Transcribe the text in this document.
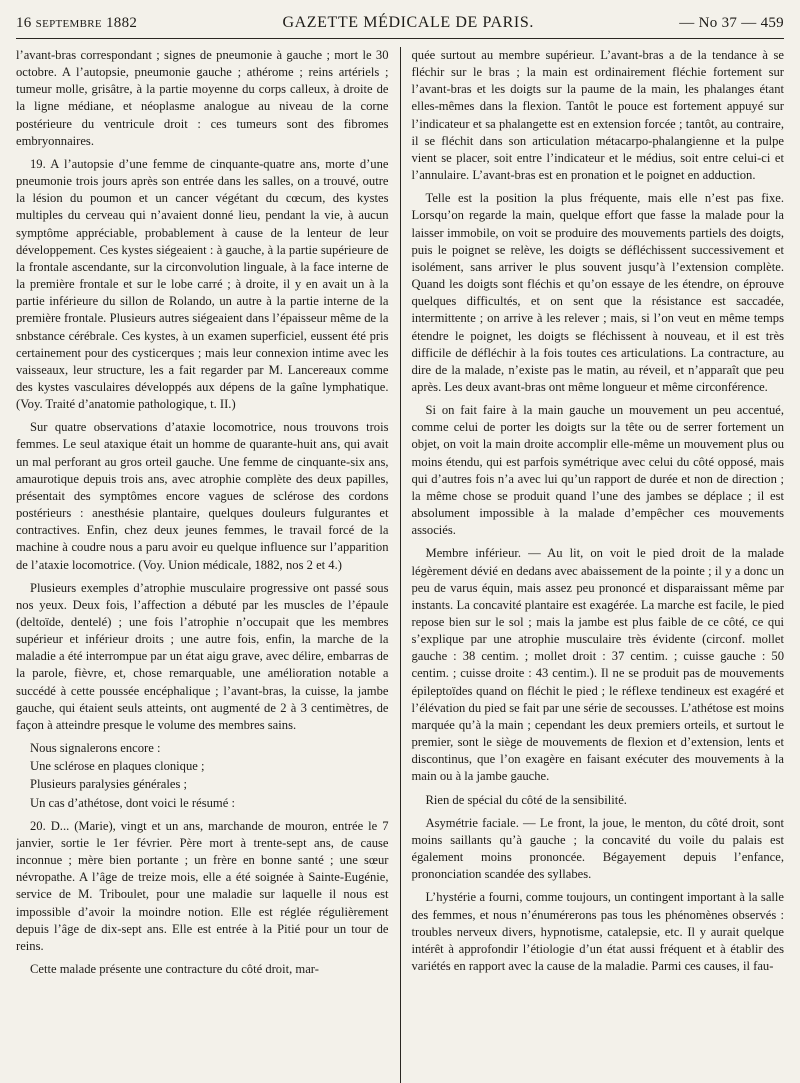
16 septembre 1882	GAZETTE MÉDICALE DE PARIS.	— No 37 — 459

l’avant-bras correspondant ; signes de pneumonie à gauche ; mort le 30 octobre. A l’autopsie, pneumonie gauche ; athérome ; reins artériels ; tumeur molle, grisâtre, à la partie moyenne du corps calleux, à droite de la ligne médiane, et néoplasme analogue au niveau de la corne postérieure du ventricule droit : ces tumeurs sont des fibromes embryonnaires.

19. A l’autopsie d’une femme de cinquante-quatre ans, morte d’une pneumonie trois jours après son entrée dans les salles, on a trouvé, outre la lésion du poumon et un cancer végétant du cœcum, des kystes multiples du cerveau qui n’avaient donné lieu, pendant la vie, à aucun symptôme appréciable, probablement à cause de la lenteur de leur développement. Ces kystes siégeaient : à gauche, à la partie supérieure de la frontale ascendante, sur la circonvolution linguale, à la face interne de la première frontale et sur le lobe carré ; à droite, il y en avait un à la partie inférieure du sillon de Rolando, un autre à la partie interne de la première frontale. Plusieurs autres siégeaient dans l’épaisseur même de la snbstance cérébrale. Ces kystes, à un examen superficiel, eussent été pris certainement pour des cysticerques ; mais leur connexion intime avec les vaisseaux, leur structure, les a fait regarder par M. Lancereaux comme des kystes vasculaires développés aux dépens de la gaîne lymphatique. (Voy. Traité d’anatomie pathologique, t. II.)

Sur quatre observations d’ataxie locomotrice, nous trouvons trois femmes. Le seul ataxique était un homme de quarante-huit ans, qui avait un mal perforant au gros orteil gauche. Une femme de cinquante-six ans, amaurotique depuis trois ans, avec atrophie complète des deux papilles, présentait des symptômes encore vagues de sclérose des cordons postérieurs : anesthésie plantaire, quelques douleurs fulgurantes et contractives. Enfin, chez deux jeunes femmes, le travail forcé de la machine à coudre nous a paru avoir eu quelque influence sur l’apparition de l’ataxie locomotrice. (Voy. Union médicale, 1882, nos 2 et 4.)

Plusieurs exemples d’atrophie musculaire progressive ont passé sous nos yeux. Deux fois, l’affection a débuté par les muscles de l’épaule (deltoïde, dentelé) ; une fois l’atrophie n’occupait que les membres supérieur et inférieur droits ; une autre fois, enfin, la marche de la maladie a été interrompue par un état aigu grave, avec délire, embarras de la parole, fièvre, et, chose remarquable, une amélioration notable a succédé à cette poussée encéphalique ; l’avant-bras, la cuisse, la jambe gauche, qui étaient seuls atteints, ont augmenté de 2 à 3 centimètres, de façon à atteindre presque le volume des membres sains.

Nous signalerons encore :

Une sclérose en plaques clonique ;

Plusieurs paralysies générales ;

Un cas d’athétose, dont voici le résumé :

20. D... (Marie), vingt et un ans, marchande de mouron, entrée le 7 janvier, sortie le 1er février. Père mort à trente-sept ans, de cause inconnue ; mère bien portante ; un frère en bonne santé ; une sœur névropathe. A l’âge de treize mois, elle a été soignée à Sainte-Eugénie, service de M. Triboulet, pour une maladie sur laquelle il nous est impossible d’avoir la moindre notion. Elle est réglée régulièrement depuis l’âge de dix-sept ans. Elle est entrée à la Pitié pour un tour de reins.

Cette malade présente une contracture du côté droit, mar-

quée surtout au membre supérieur. L’avant-bras a de la tendance à se fléchir sur le bras ; la main est ordinairement fléchie fortement sur l’avant-bras et les doigts sur la paume de la main, les phalanges étant elles-mêmes dans la flexion. Tantôt le pouce est fortement appuyé sur l’indicateur et sa phalangette est en extension forcée ; tantôt, au contraire, il se fléchit dans son articulation métacarpo-phalangienne et la pulpe vient se placer, soit entre l’indicateur et le médius, soit entre celui-ci et l’annulaire. L’avant-bras est en pronation et le poignet en adduction.

Telle est la position la plus fréquente, mais elle n’est pas fixe. Lorsqu’on regarde la main, quelque effort que fasse la malade pour la laisser immobile, on voit se produire des mouvements partiels des doigts, puis le poignet se relève, les doigts se défléchissent successivement et isolément, sans arriver le plus souvent jusqu’à l’extension complète. Quand les doigts sont fléchis et qu’on essaye de les étendre, on éprouve quelques difficultés, et on sent que la résistance est saccadée, intermittente ; on arrive à les relever ; mais, si l’on veut en même temps étendre le poignet, les doigts se fléchissent à nouveau, et il est très difficile de défléchir à la fois toutes ces articulations. La contracture, au dire de la malade, n’existe pas le matin, au réveil, et n’apparaît que peu après. Les deux avant-bras ont même longueur et même circonférence.

Si on fait faire à la main gauche un mouvement un peu accentué, comme celui de porter les doigts sur la tête ou de serrer fortement un objet, on voit la main droite accomplir elle-même un mouvement plus ou moins étendu, qui est parfois symétrique avec celui du côté opposé, mais qui d’autres fois n’a avec lui qu’un rapport de durée et non de direction ; la même chose se produit quand l’une des jambes se déplace ; il est absolument impossible à la malade d’empêcher ces mouvements associés.

Membre inférieur. — Au lit, on voit le pied droit de la malade légèrement dévié en dedans avec abaissement de la pointe ; il y a donc un peu de varus équin, mais assez peu prononcé et disparaissant même par instants. La concavité plantaire est exagérée. La marche est facile, le pied repose bien sur le sol ; mais la jambe est plus faible de ce côté, ce qui s’explique par une atrophie musculaire très évidente (circonf. mollet gauche : 38 centim. ; mollet droit : 37 centim. ; cuisse gauche : 50 centim. ; cuisse droite : 43 centim.). Il ne se produit pas de mouvements épileptoïdes quand on fléchit le pied ; le réflexe tendineux est exagéré et l’élévation du pied se fait par une série de secousses. L’athétose est moins marquée qu’à la main ; cependant les deux premiers orteils, et surtout le premier, sont le siège de mouvements de flexion et d’extension, lents et discontinus, que l’on exagère en faisant exécuter des mouvements à la main ou à la jambe gauche.

Rien de spécial du côté de la sensibilité.

Asymétrie faciale. — Le front, la joue, le menton, du côté droit, sont moins saillants qu’à gauche ; la concavité du voile du palais est également moins prononcée. Bégayement depuis l’enfance, prononciation scandée des syllabes.

L’hystérie a fourni, comme toujours, un contingent important à la salle des femmes, et nous n’énumérerons pas tous les phénomènes observés : troubles nerveux divers, hypnotisme, catalepsie, etc. Il y aurait quelque intérêt à approfondir l’étiologie d’un état aussi fréquent et à établir des variétés en rapport avec la cause de la maladie. Parmi ces causes, il fau-
